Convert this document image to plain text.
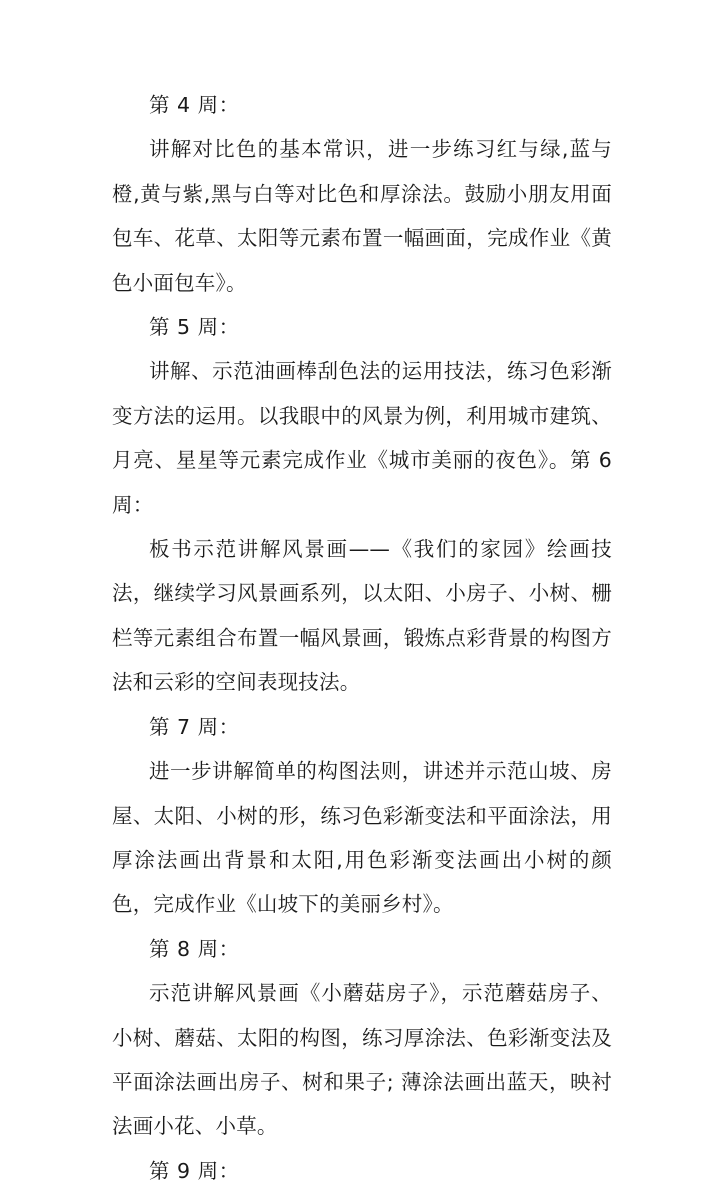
第 4 周：

讲解对比色的基本常识，进一步练习红与绿,蓝与橙,黄与紫,黑与白等对比色和厚涂法。鼓励小朋友用面包车、花草、太阳等元素布置一幅画面，完成作业《黄色小面包车》。

第 5 周：

讲解、示范油画棒刮色法的运用技法，练习色彩渐变方法的运用。以我眼中的风景为例，利用城市建筑、月亮、星星等元素完成作业《城市美丽的夜色》。第 6 周：

板书示范讲解风景画——《我们的家园》绘画技法，继续学习风景画系列，以太阳、小房子、小树、栅栏等元素组合布置一幅风景画，锻炼点彩背景的构图方法和云彩的空间表现技法。

第 7 周：

进一步讲解简单的构图法则，讲述并示范山坡、房屋、太阳、小树的形，练习色彩渐变法和平面涂法，用厚涂法画出背景和太阳,用色彩渐变法画出小树的颜色，完成作业《山坡下的美丽乡村》。

第 8 周：

示范讲解风景画《小蘑菇房子》，示范蘑菇房子、小树、蘑菇、太阳的构图，练习厚涂法、色彩渐变法及平面涂法画出房子、树和果子; 薄涂法画出蓝天，映衬法画小花、小草。

第 9 周：
